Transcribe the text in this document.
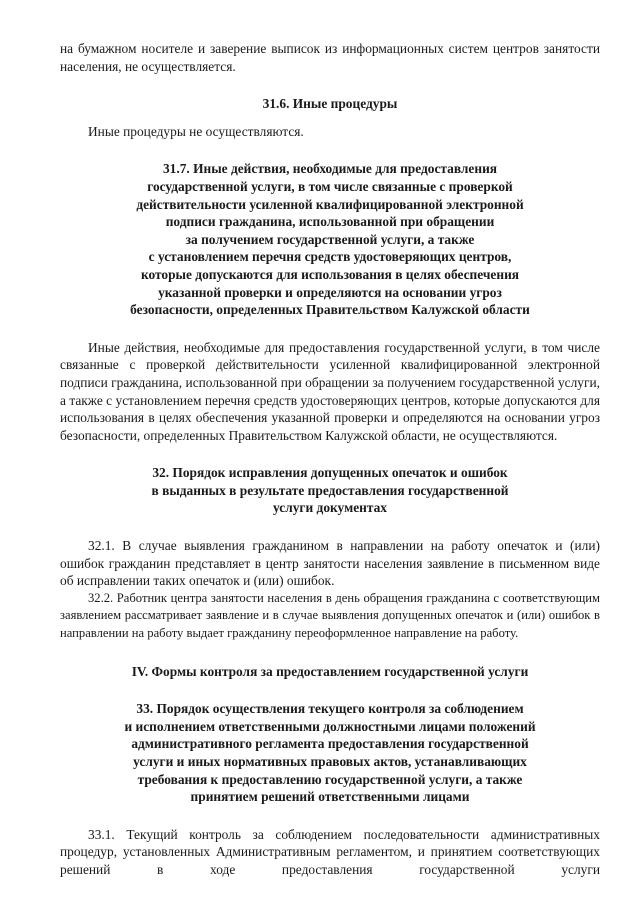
на бумажном носителе и заверение выписок из информационных систем центров занятости населения, не осуществляется.

31.6. Иные процедуры

Иные процедуры не осуществляются.

31.7. Иные действия, необходимые для предоставления
государственной услуги, в том числе связанные с проверкой
действительности усиленной квалифицированной электронной
подписи гражданина, использованной при обращении
за получением государственной услуги, а также
с установлением перечня средств удостоверяющих центров,
которые допускаются для использования в целях обеспечения
указанной проверки и определяются на основании угроз
безопасности, определенных Правительством Калужской области

Иные действия, необходимые для предоставления государственной услуги, в том числе связанные с проверкой действительности усиленной квалифицированной электронной подписи гражданина, использованной при обращении за получением государственной услуги, а также с установлением перечня средств удостоверяющих центров, которые допускаются для использования в целях обеспечения указанной проверки и определяются на основании угроз безопасности, определенных Правительством Калужской области, не осуществляются.

32. Порядок исправления допущенных опечаток и ошибок
в выданных в результате предоставления государственной
услуги документах

32.1. В случае выявления гражданином в направлении на работу опечаток и (или) ошибок гражданин представляет в центр занятости населения заявление в письменном виде об исправлении таких опечаток и (или) ошибок.

32.2. Работник центра занятости населения в день обращения гражданина с соответствующим заявлением рассматривает заявление и в случае выявления допущенных опечаток и (или) ошибок в направлении на работу выдает гражданину переоформленное направление на работу.

IV. Формы контроля за предоставлением государственной услуги

33. Порядок осуществления текущего контроля за соблюдением
и исполнением ответственными должностными лицами положений
административного регламента предоставления государственной
услуги и иных нормативных правовых актов, устанавливающих
требования к предоставлению государственной услуги, а также
принятием решений ответственными лицами

33.1. Текущий контроль за соблюдением последовательности административных процедур, установленных Административным регламентом, и принятием соответствующих решений в ходе предоставления государственной услуги
